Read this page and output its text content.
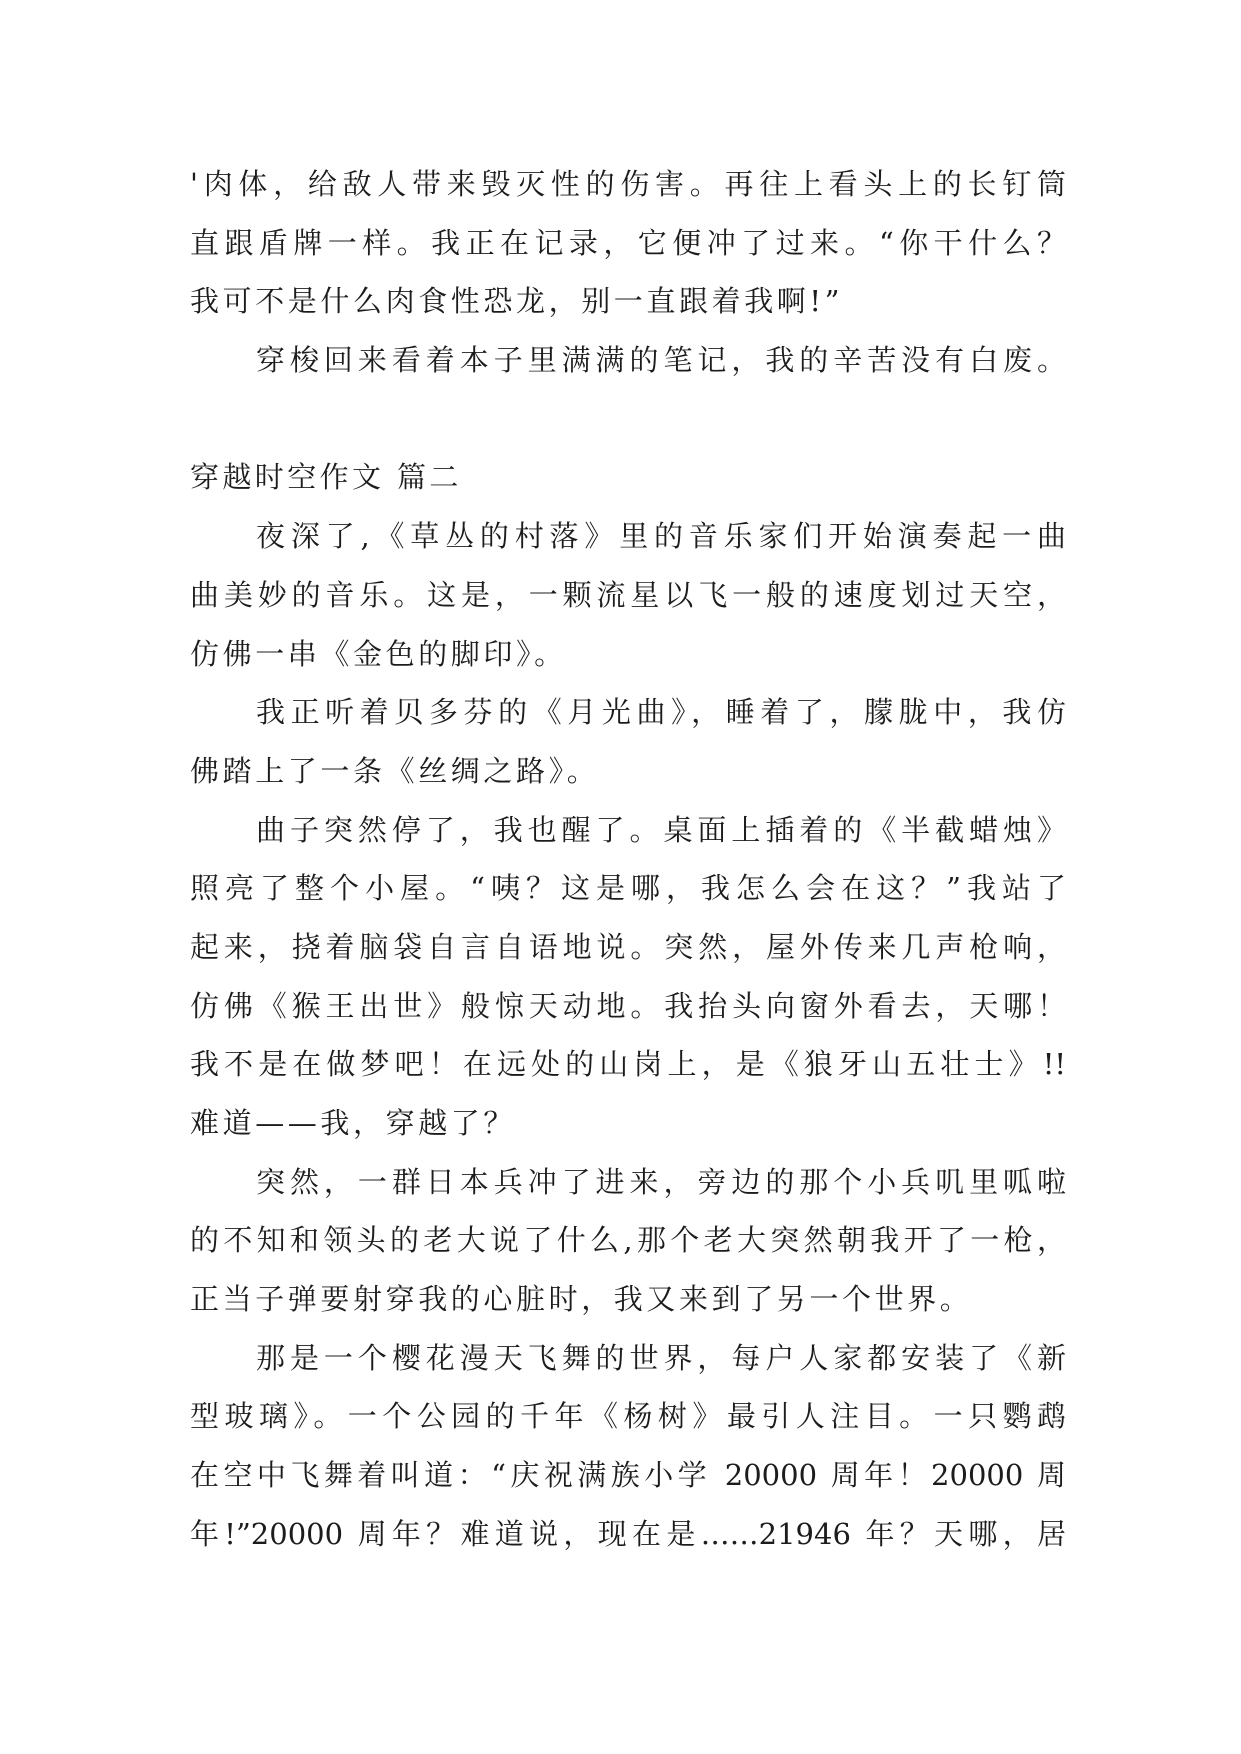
'肉体，给敌人带来毁灭性的伤害。再往上看头上的长钉筒
直跟盾牌一样。我正在记录，它便冲了过来。“你干什么？
我可不是什么肉食性恐龙，别一直跟着我啊!”
穿梭回来看着本子里满满的笔记，我的辛苦没有白废。
穿越时空作文 篇二
夜深了,《草丛的村落》里的音乐家们开始演奏起一曲
曲美妙的音乐。这是，一颗流星以飞一般的速度划过天空，
仿佛一串《金色的脚印》。
我正听着贝多芬的《月光曲》，睡着了，朦胧中，我仿
佛踏上了一条《丝绸之路》。
曲子突然停了，我也醒了。桌面上插着的《半截蜡烛》
照亮了整个小屋。“咦？这是哪，我怎么会在这？”我站了
起来，挠着脑袋自言自语地说。突然，屋外传来几声枪响，
仿佛《猴王出世》般惊天动地。我抬头向窗外看去，天哪！
我不是在做梦吧！在远处的山岗上，是《狼牙山五壮士》!!
难道——我，穿越了？
突然，一群日本兵冲了进来，旁边的那个小兵叽里呱啦
的不知和领头的老大说了什么,那个老大突然朝我开了一枪，
正当子弹要射穿我的心脏时，我又来到了另一个世界。
那是一个樱花漫天飞舞的世界，每户人家都安装了《新
型玻璃》。一个公园的千年《杨树》最引人注目。一只鹦鹉
在空中飞舞着叫道：“庆祝满族小学 20000 周年！20000 周
年!”20000 周年？难道说，现在是……21946 年？天哪，居
